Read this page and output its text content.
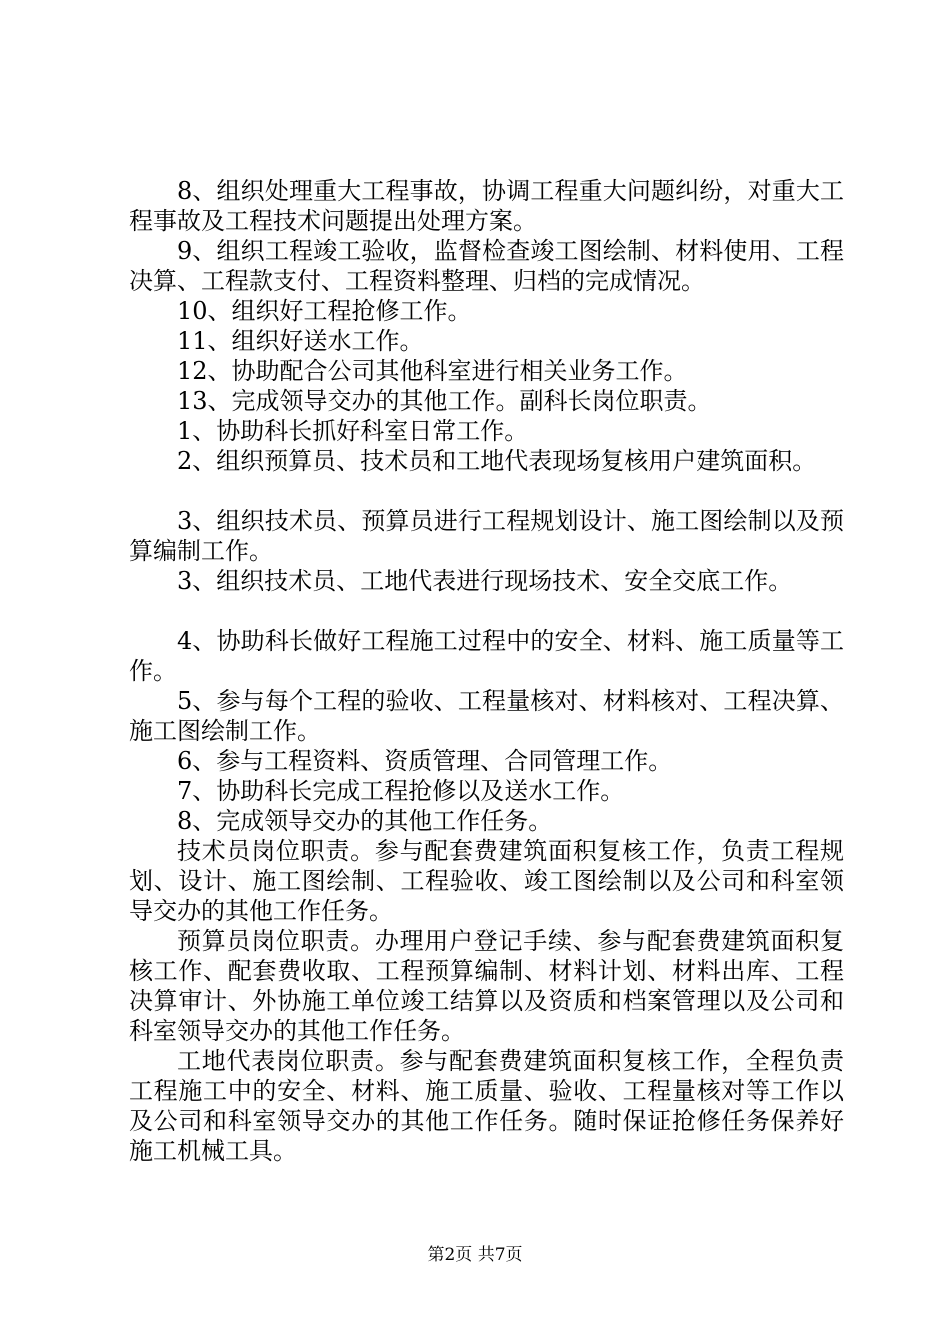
8、组织处理重大工程事故，协调工程重大问题纠纷，对重大工程事故及工程技术问题提出处理方案。

9、组织工程竣工验收，监督检查竣工图绘制、材料使用、工程决算、工程款支付、工程资料整理、归档的完成情况。

10、组织好工程抢修工作。

11、组织好送水工作。

12、协助配合公司其他科室进行相关业务工作。

13、完成领导交办的其他工作。副科长岗位职责。

1、协助科长抓好科室日常工作。

2、组织预算员、技术员和工地代表现场复核用户建筑面积。

3、组织技术员、预算员进行工程规划设计、施工图绘制以及预算编制工作。

3、组织技术员、工地代表进行现场技术、安全交底工作。

4、协助科长做好工程施工过程中的安全、材料、施工质量等工作。

5、参与每个工程的验收、工程量核对、材料核对、工程决算、施工图绘制工作。

6、参与工程资料、资质管理、合同管理工作。

7、协助科长完成工程抢修以及送水工作。

8、完成领导交办的其他工作任务。

技术员岗位职责。参与配套费建筑面积复核工作，负责工程规划、设计、施工图绘制、工程验收、竣工图绘制以及公司和科室领导交办的其他工作任务。

预算员岗位职责。办理用户登记手续、参与配套费建筑面积复核工作、配套费收取、工程预算编制、材料计划、材料出库、工程决算审计、外协施工单位竣工结算以及资质和档案管理以及公司和科室领导交办的其他工作任务。

工地代表岗位职责。参与配套费建筑面积复核工作，全程负责工程施工中的安全、材料、施工质量、验收、工程量核对等工作以及公司和科室领导交办的其他工作任务。随时保证抢修任务保养好施工机械工具。

第2页 共7页
